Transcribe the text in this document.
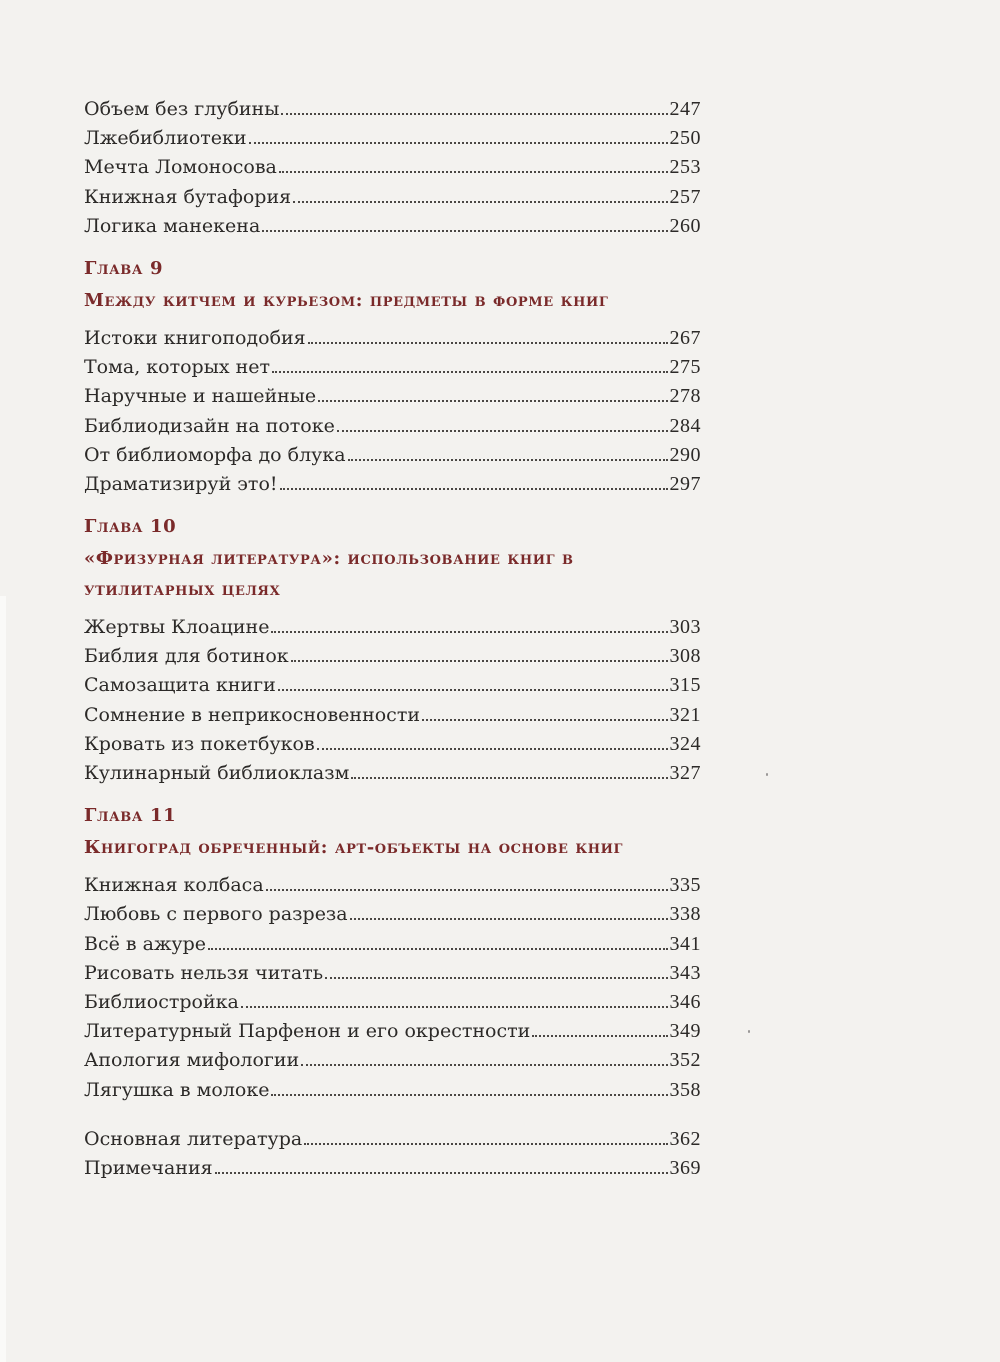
Объем без глубины	247
Лжебиблиотеки	250
Мечта Ломоносова	253
Книжная бутафория	257
Логика манекена	260
Глава 9
Между китчем и курьезом: предметы в форме книг
Истоки книгоподобия	267
Тома, которых нет	275
Наручные и нашейные	278
Библиодизайн на потоке	284
От библиоморфа до блука	290
Драматизируй это!	297
Глава 10
«Фризурная литература»: использование книг в утилитарных целях
Жертвы Клоацине	303
Библия для ботинок	308
Самозащита книги	315
Сомнение в неприкосновенности	321
Кровать из покетбуков	324
Кулинарный библиоклазм	327
Глава 11
Книгоград обреченный: арт-объекты на основе книг
Книжная колбаса	335
Любовь с первого разреза	338
Всё в ажуре	341
Рисовать нельзя читать	343
Библиостройка	346
Литературный Парфенон и его окрестности	349
Апология мифологии	352
Лягушка в молоке	358
Основная литература	362
Примечания	369
